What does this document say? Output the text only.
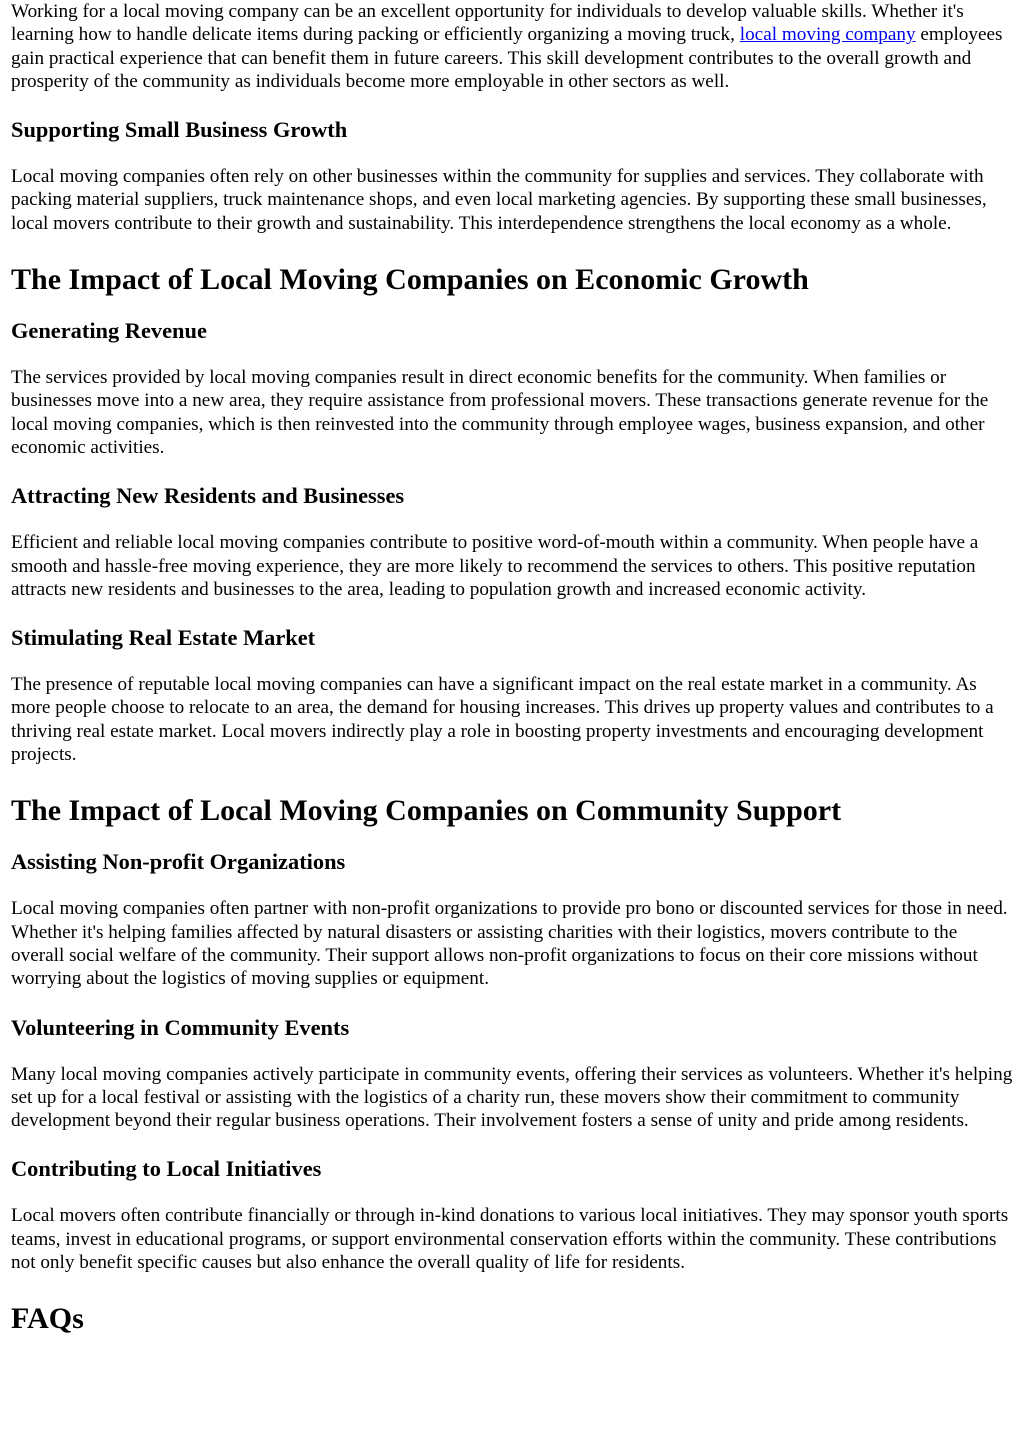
Working for a local moving company can be an excellent opportunity for individuals to develop valuable skills. Whether it's learning how to handle delicate items during packing or efficiently organizing a moving truck, local moving company employees gain practical experience that can benefit them in future careers. This skill development contributes to the overall growth and prosperity of the community as individuals become more employable in other sectors as well.

Supporting Small Business Growth

Local moving companies often rely on other businesses within the community for supplies and services. They collaborate with packing material suppliers, truck maintenance shops, and even local marketing agencies. By supporting these small businesses, local movers contribute to their growth and sustainability. This interdependence strengthens the local economy as a whole.

The Impact of Local Moving Companies on Economic Growth
Generating Revenue

The services provided by local moving companies result in direct economic benefits for the community. When families or businesses move into a new area, they require assistance from professional movers. These transactions generate revenue for the local moving companies, which is then reinvested into the community through employee wages, business expansion, and other economic activities.

Attracting New Residents and Businesses

Efficient and reliable local moving companies contribute to positive word-of-mouth within a community. When people have a smooth and hassle-free moving experience, they are more likely to recommend the services to others. This positive reputation attracts new residents and businesses to the area, leading to population growth and increased economic activity.

Stimulating Real Estate Market

The presence of reputable local moving companies can have a significant impact on the real estate market in a community. As more people choose to relocate to an area, the demand for housing increases. This drives up property values and contributes to a thriving real estate market. Local movers indirectly play a role in boosting property investments and encouraging development projects.

The Impact of Local Moving Companies on Community Support
Assisting Non-profit Organizations

Local moving companies often partner with non-profit organizations to provide pro bono or discounted services for those in need. Whether it's helping families affected by natural disasters or assisting charities with their logistics, movers contribute to the overall social welfare of the community. Their support allows non-profit organizations to focus on their core missions without worrying about the logistics of moving supplies or equipment.

Volunteering in Community Events

Many local moving companies actively participate in community events, offering their services as volunteers. Whether it's helping set up for a local festival or assisting with the logistics of a charity run, these movers show their commitment to community development beyond their regular business operations. Their involvement fosters a sense of unity and pride among residents.

Contributing to Local Initiatives

Local movers often contribute financially or through in-kind donations to various local initiatives. They may sponsor youth sports teams, invest in educational programs, or support environmental conservation efforts within the community. These contributions not only benefit specific causes but also enhance the overall quality of life for residents.

FAQs
